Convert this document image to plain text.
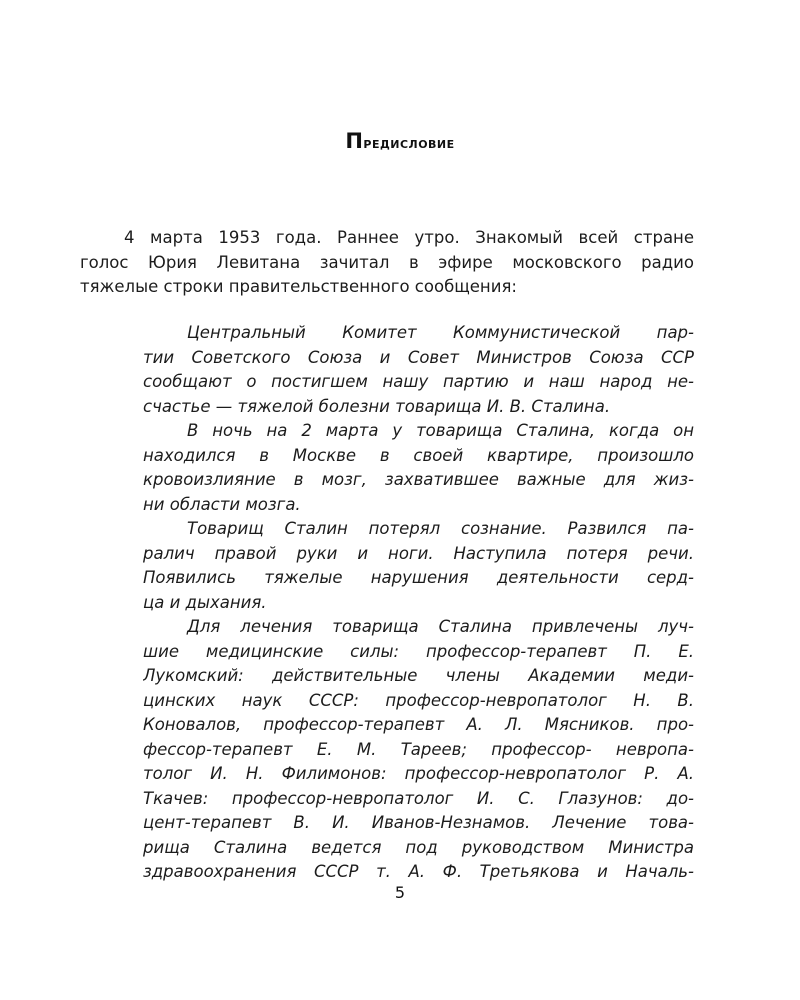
Предисловие
4 марта 1953 года. Раннее утро. Знакомый всей стране
голос Юрия Левитана зачитал в эфире московского радио
тяжелые строки правительственного сообщения:
Центральный Комитет Коммунистической пар-
тии Советского Союза и Совет Министров Союза ССР
сообщают о постигшем нашу партию и наш народ не-
счастье — тяжелой болезни товарища И. В. Сталина.
В ночь на 2 марта у товарища Сталина, когда он
находился в Москве в своей квартире, произошло
кровоизлияние в мозг, захватившее важные для жиз-
ни области мозга.
Товарищ Сталин потерял сознание. Развился па-
ралич правой руки и ноги. Наступила потеря речи.
Появились тяжелые нарушения деятельности серд-
ца и дыхания.
Для лечения товарища Сталина привлечены луч-
шие медицинские силы: профессор-терапевт П. Е.
Лукомский: действительные члены Академии меди-
цинских наук СССР: профессор-невропатолог Н. В.
Коновалов, профессор-терапевт А. Л. Мясников. про-
фессор-терапевт Е. М. Тареев; профессор- невропа-
толог И. Н. Филимонов: профессор-невропатолог Р. А.
Ткачев: профессор-невропатолог И. С. Глазунов: до-
цент-терапевт В. И. Иванов-Незнамов. Лечение това-
рища Сталина ведется под руководством Министра
здравоохранения СССР т. А. Ф. Третьякова и Началь-
5
